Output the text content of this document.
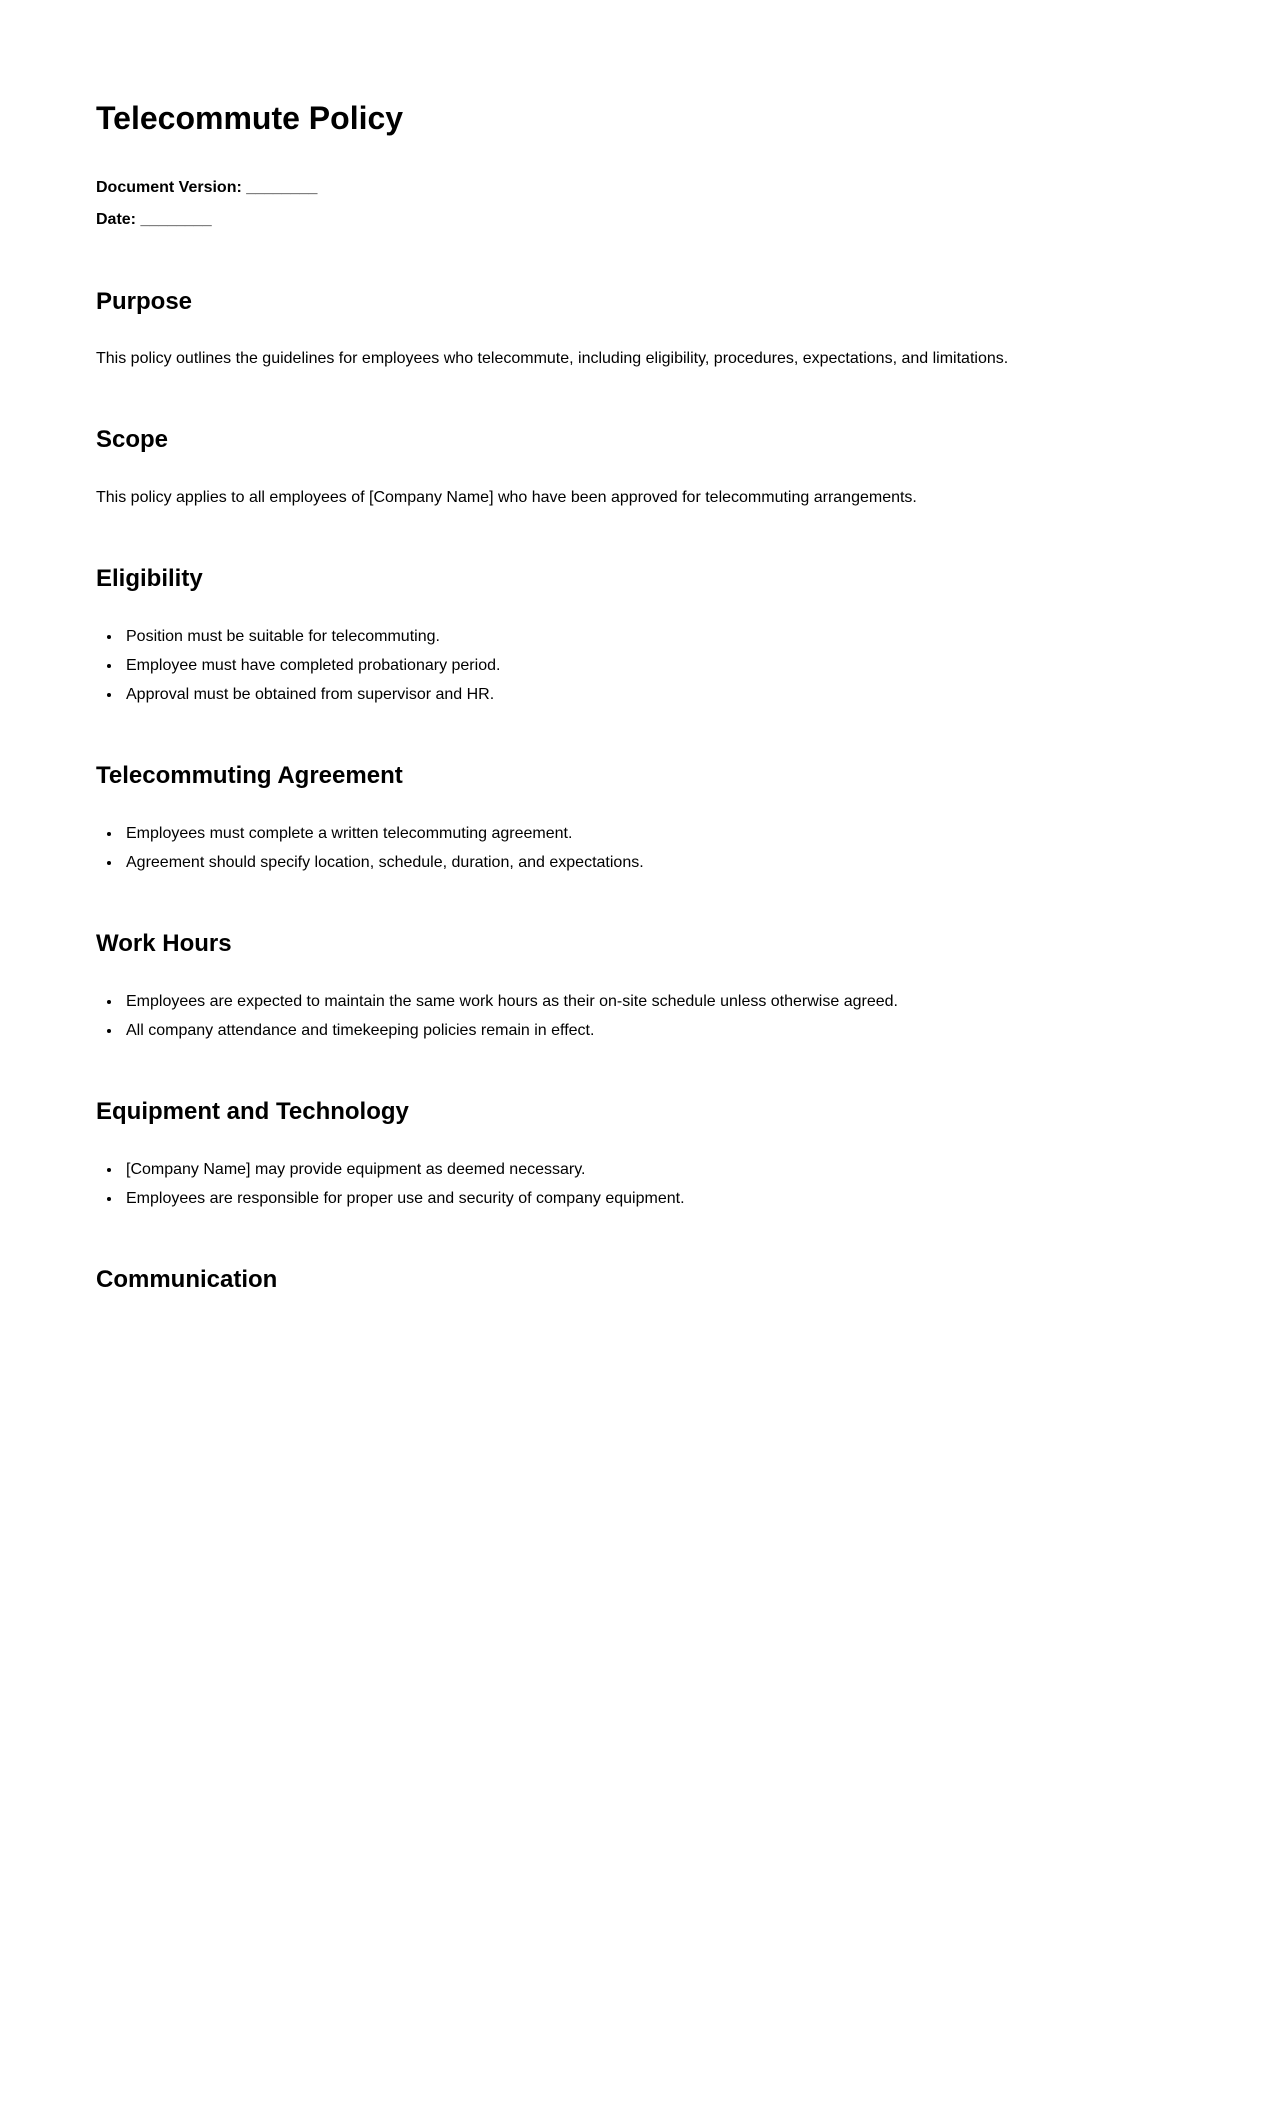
Telecommute Policy

Document Version: ________

Date: ________

Purpose

This policy outlines the guidelines for employees who telecommute, including eligibility, procedures, expectations, and limitations.

Scope

This policy applies to all employees of [Company Name] who have been approved for telecommuting arrangements.

Eligibility
• Position must be suitable for telecommuting.
• Employee must have completed probationary period.
• Approval must be obtained from supervisor and HR.
Telecommuting Agreement
• Employees must complete a written telecommuting agreement.
• Agreement should specify location, schedule, duration, and expectations.
Work Hours
• Employees are expected to maintain the same work hours as their on-site schedule unless otherwise agreed.
• All company attendance and timekeeping policies remain in effect.
Equipment and Technology
• [Company Name] may provide equipment as deemed necessary.
• Employees are responsible for proper use and security of company equipment.
Communication
